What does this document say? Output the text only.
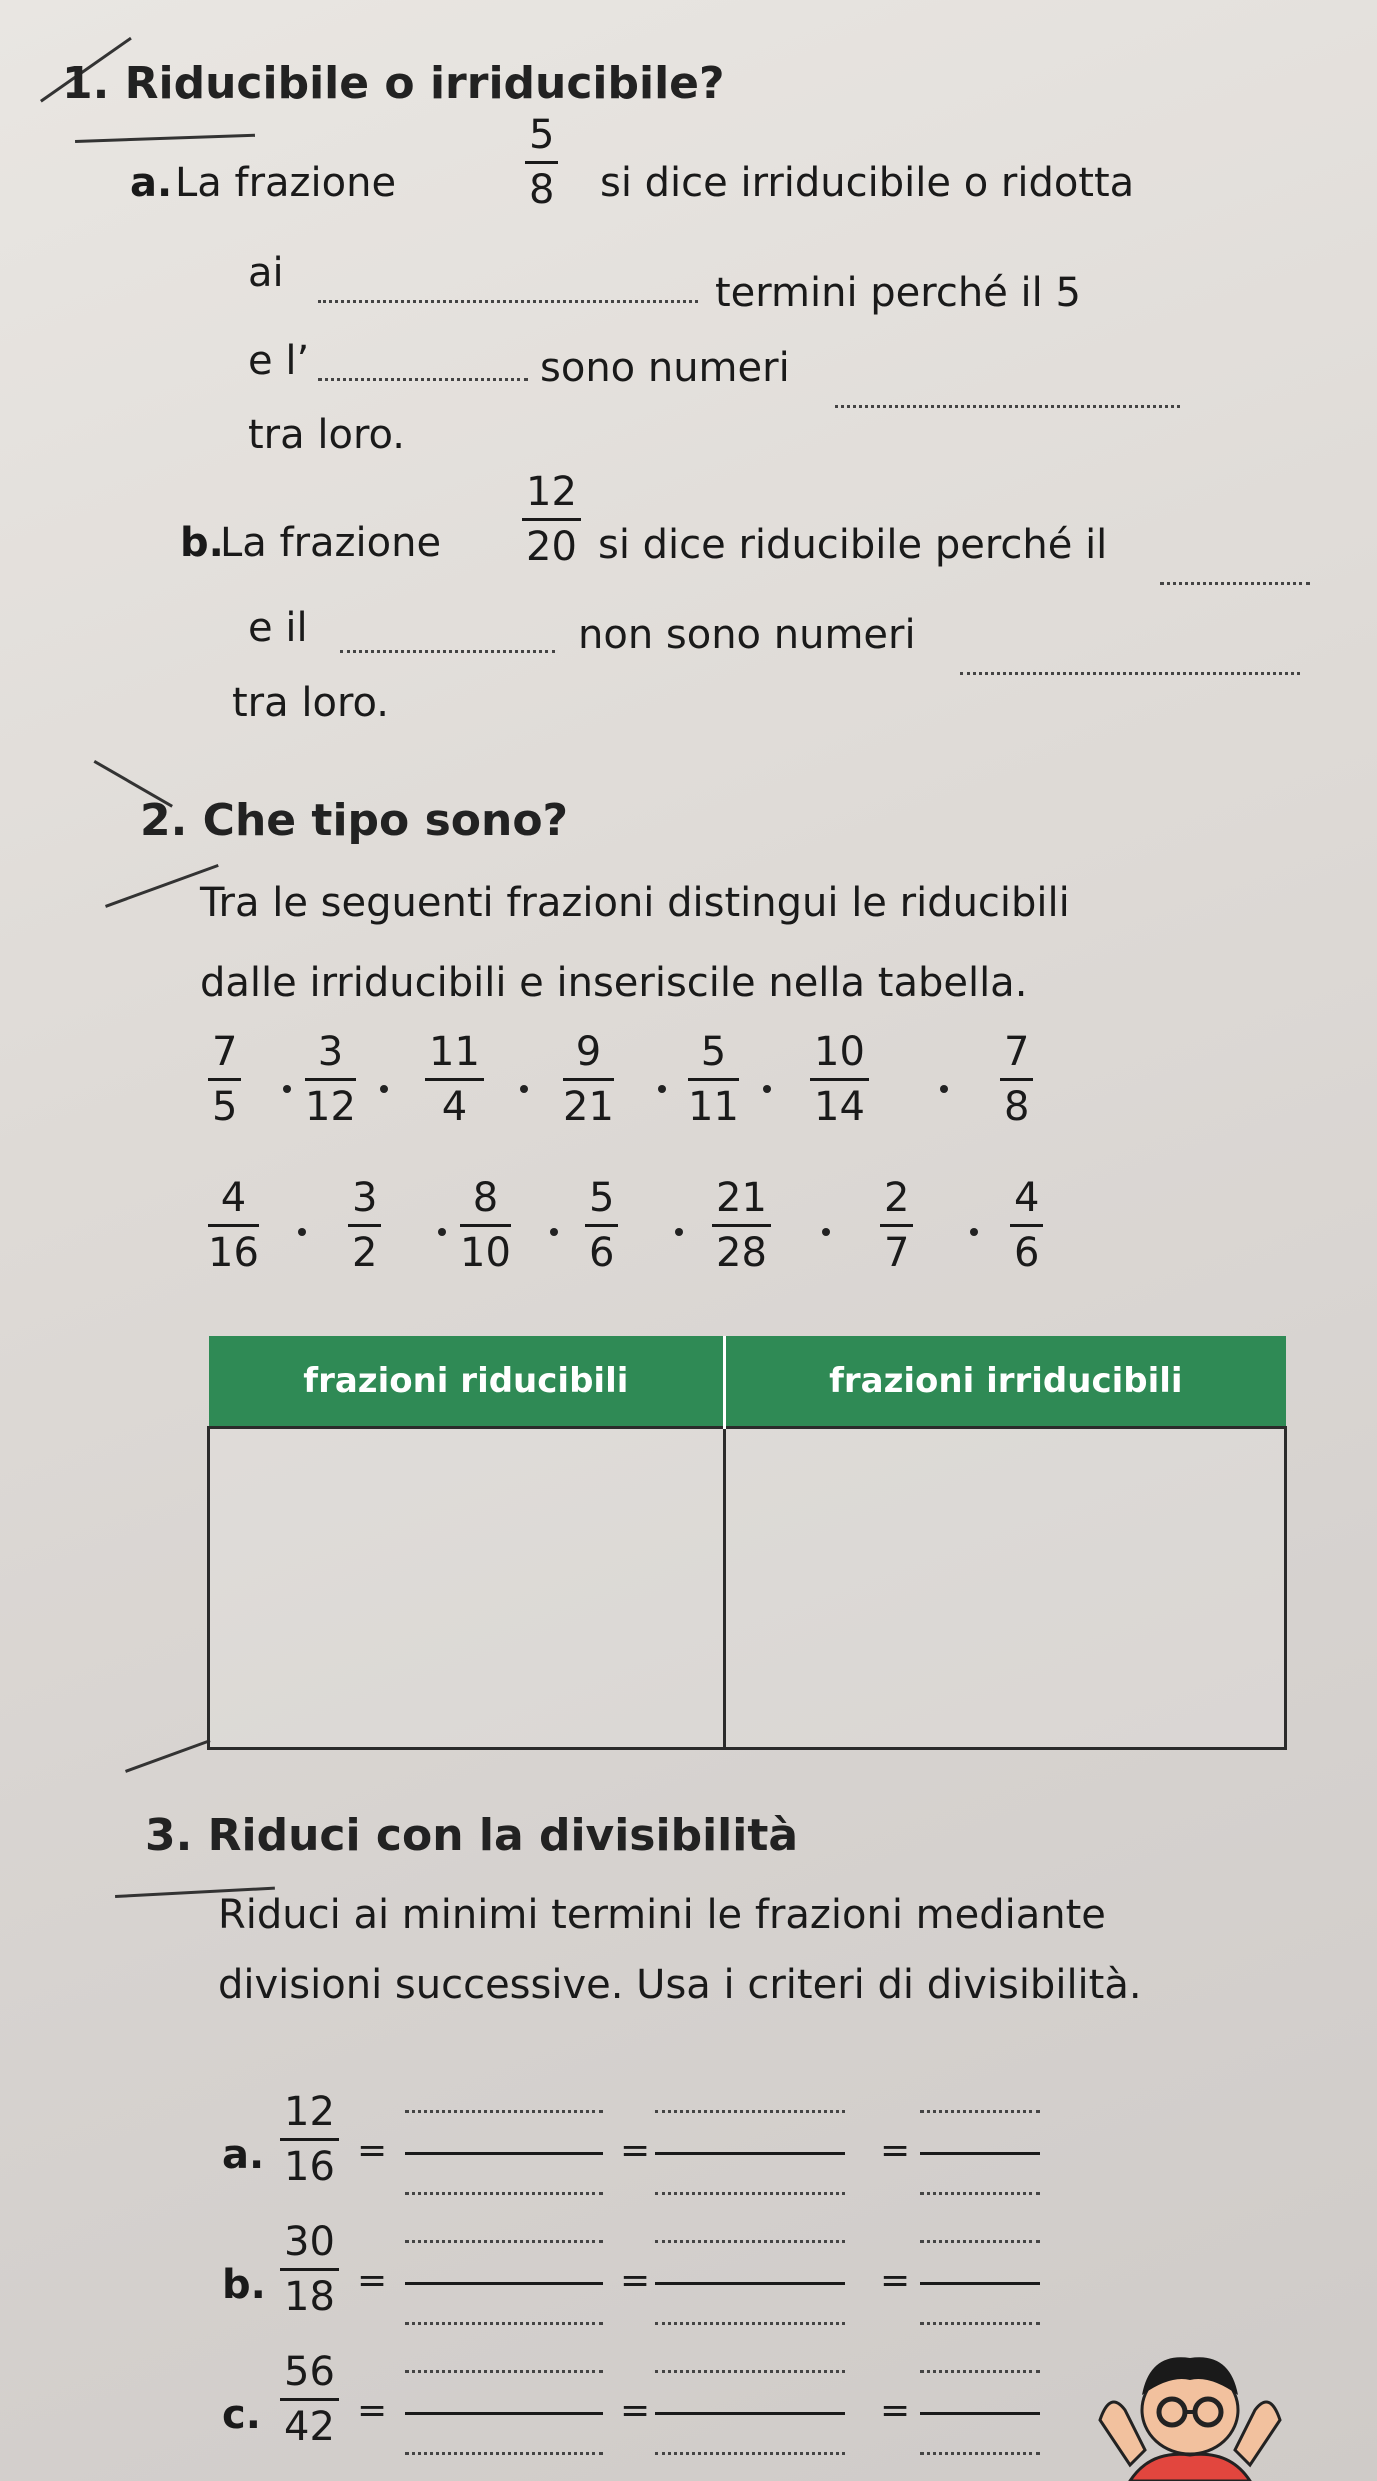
1. Riducibile o irriducibile?
a. La frazione
5
8 si dice irriducibile o ridotta
ai	termini perché il 5
e l’	sono numeri
tra loro.
b.
La frazione
12
20 si dice riducibile perché il
e il	non sono numeri
tra loro.
2. Che tipo sono?
Tra le seguenti frazioni distingui le riducibili
dalle irriducibili e inseriscile nella tabella.
7
5
3
12
11
4
9
21
5
11
10
14
7
8
4
16
3
2
8
10
5
6
21
28
2
7
4
6
frazioni riducibili	frazioni irriducibili

3. Riduci con la divisibilità
Riduci ai minimi termini le frazioni mediante
divisioni successive. Usa i criteri di divisibilità.
a.
12
16 =	=	=
b.
30
18 =	=	=
c.
56
42 =	=	=
